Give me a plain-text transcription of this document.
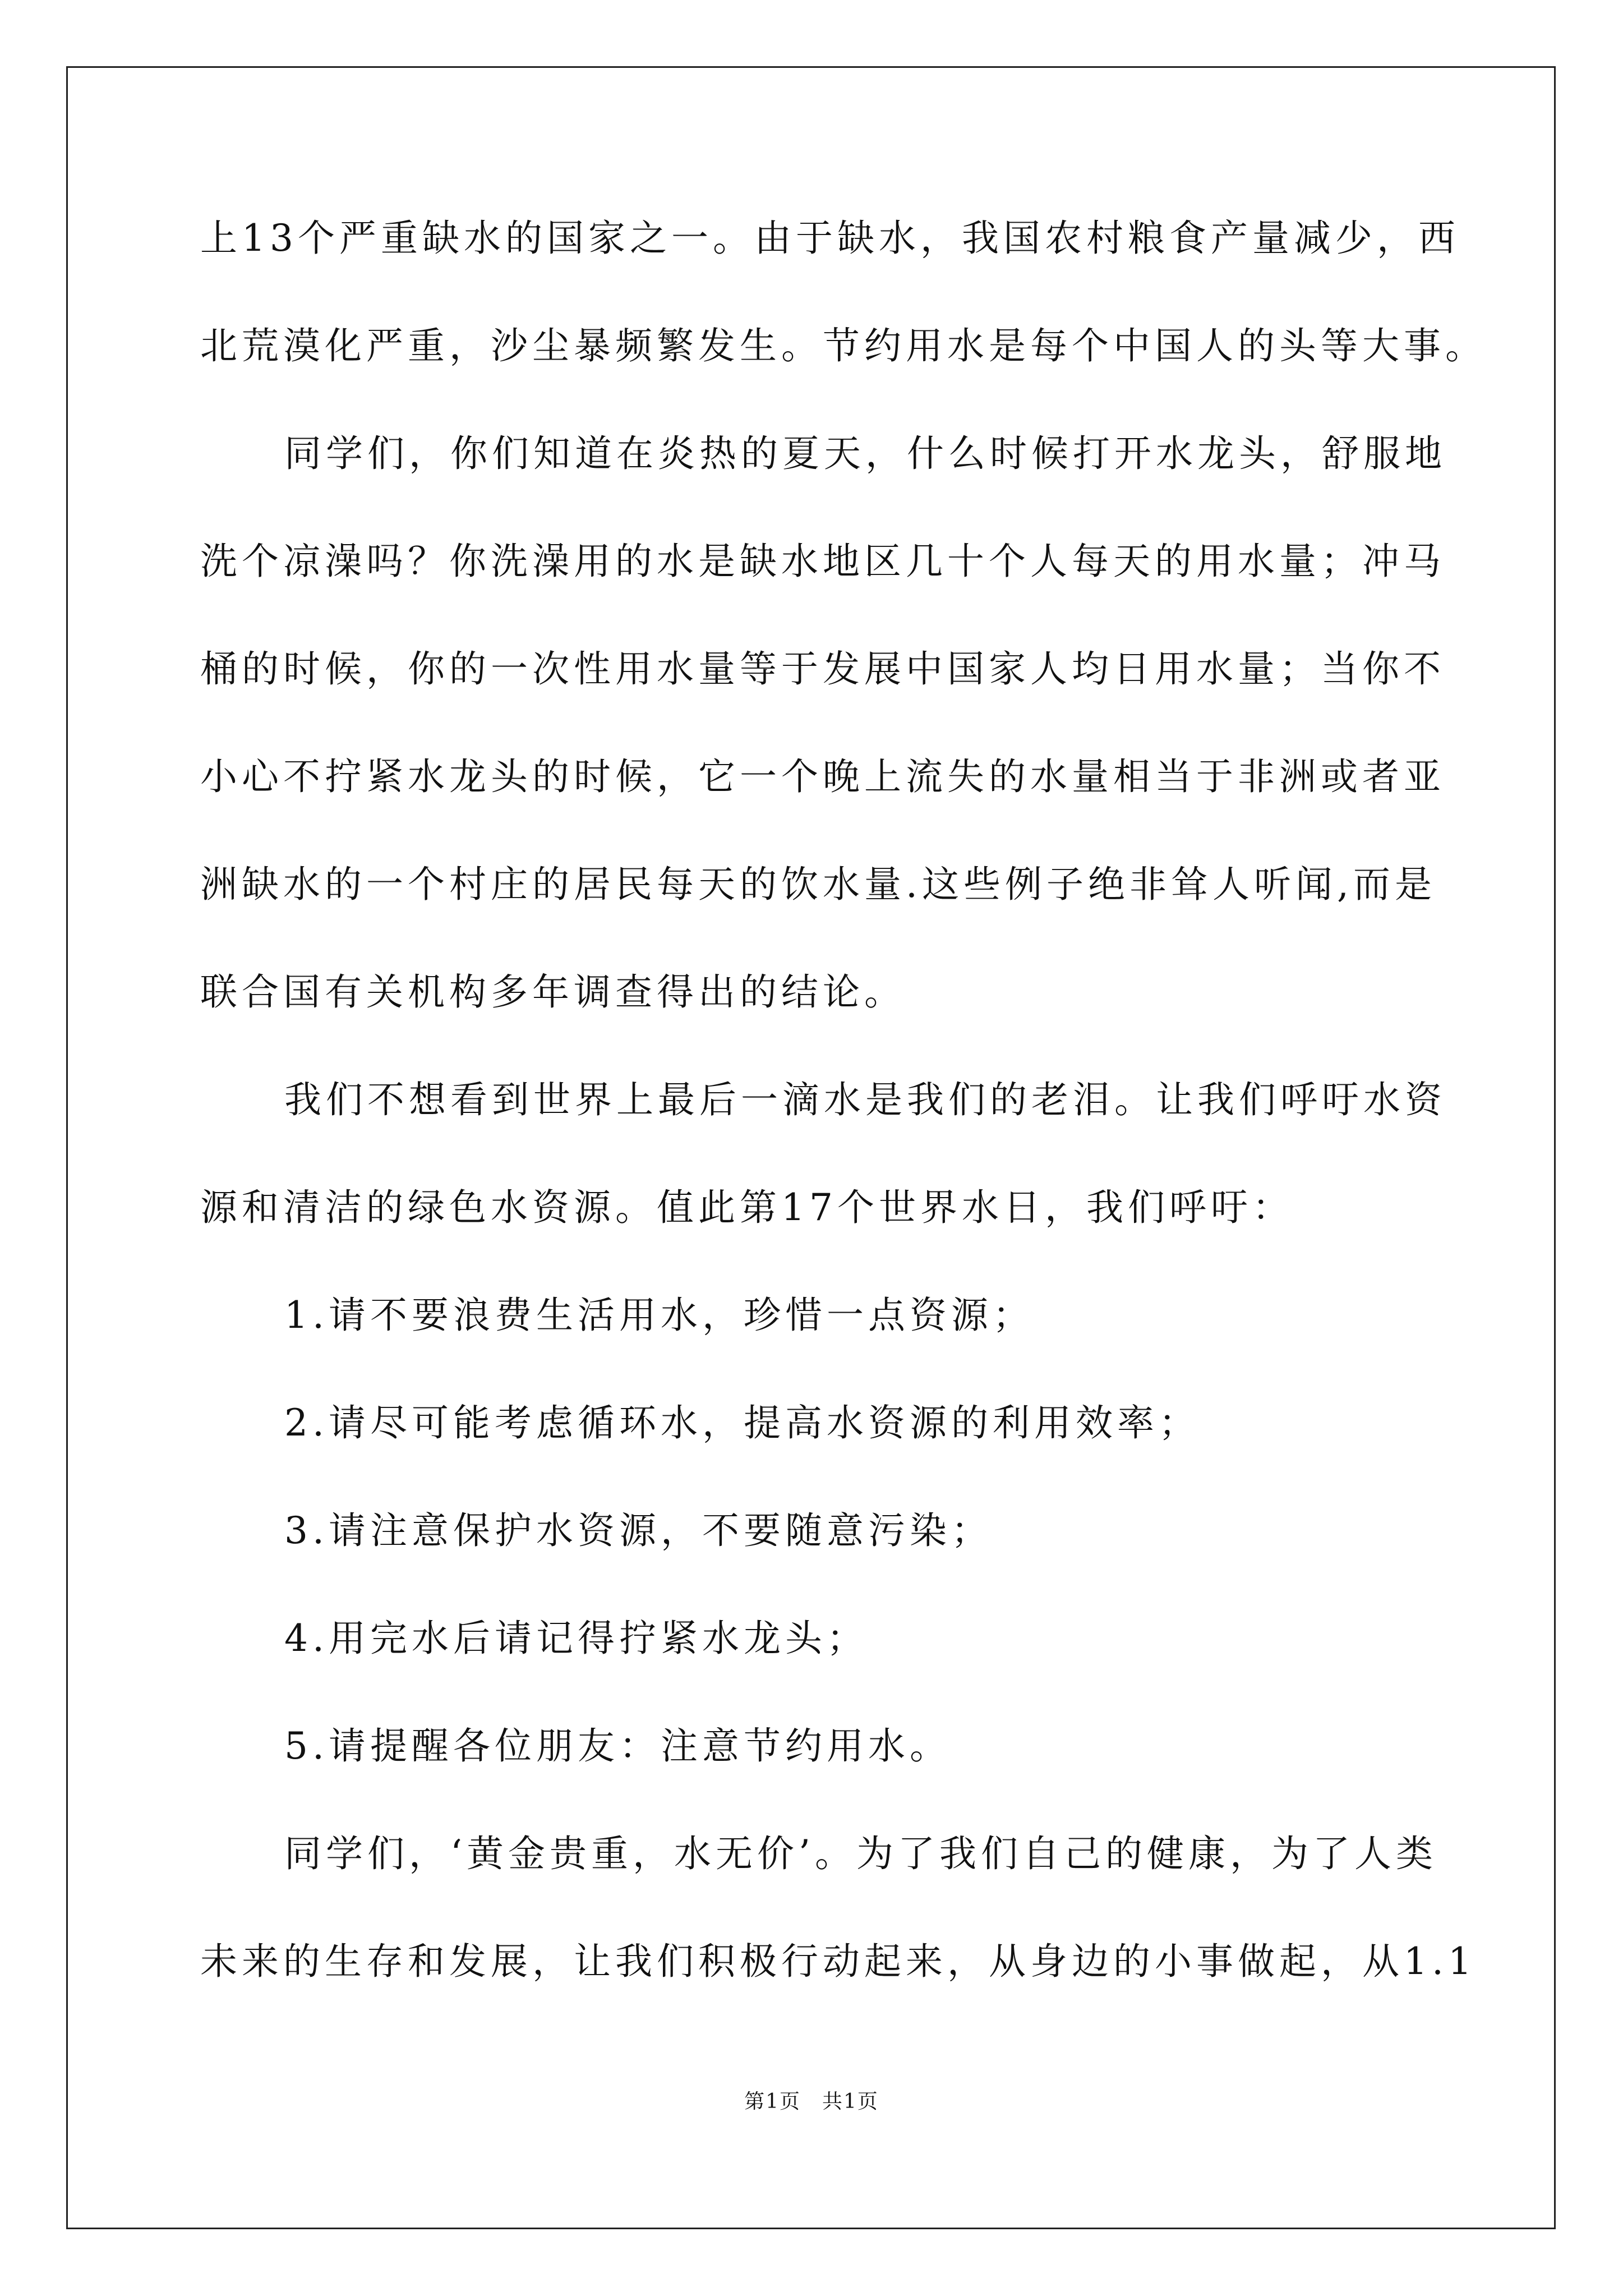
上13个严重缺水的国家之一。由于缺水，我国农村粮食产量减少，西
北荒漠化严重，沙尘暴频繁发生。节约用水是每个中国人的头等大事。
同学们，你们知道在炎热的夏天，什么时候打开水龙头，舒服地
洗个凉澡吗？你洗澡用的水是缺水地区几十个人每天的用水量；冲马
桶的时候，你的一次性用水量等于发展中国家人均日用水量；当你不
小心不拧紧水龙头的时候，它一个晚上流失的水量相当于非洲或者亚
洲缺水的一个村庄的居民每天的饮水量.这些例子绝非耸人听闻,而是
联合国有关机构多年调查得出的结论。
我们不想看到世界上最后一滴水是我们的老泪。让我们呼吁水资
源和清洁的绿色水资源。值此第17个世界水日，我们呼吁：
1.请不要浪费生活用水，珍惜一点资源；
2.请尽可能考虑循环水，提高水资源的利用效率；
3.请注意保护水资源，不要随意污染；
4.用完水后请记得拧紧水龙头；
5.请提醒各位朋友：注意节约用水。
同学们，‘黄金贵重，水无价’。为了我们自己的健康，为了人类
未来的生存和发展，让我们积极行动起来，从身边的小事做起，从1.1
第1页　共1页
